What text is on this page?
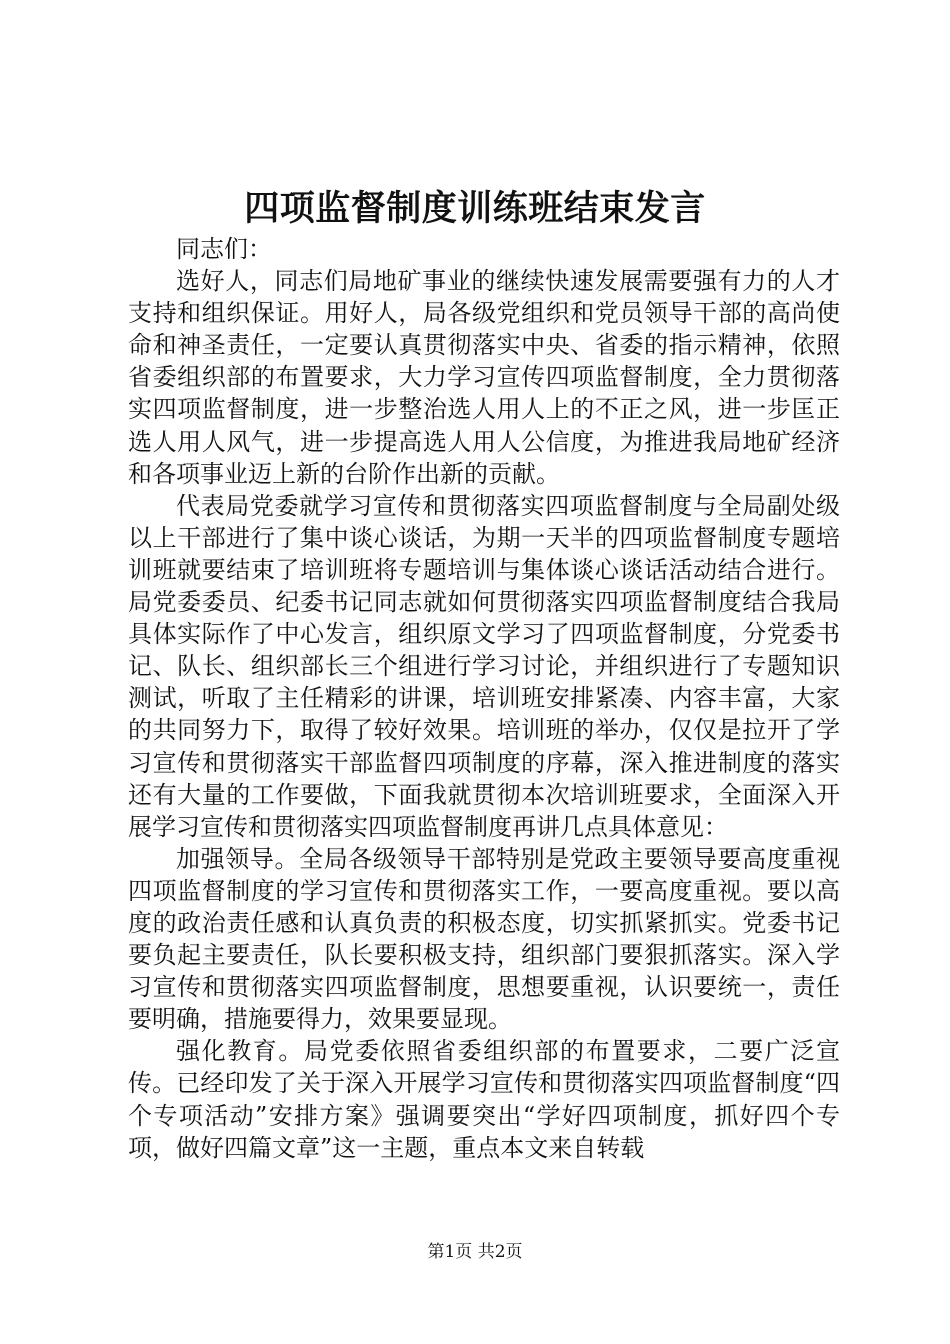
四项监督制度训练班结束发言

同志们：

选好人，同志们局地矿事业的继续快速发展需要强有力的人才支持和组织保证。用好人，局各级党组织和党员领导干部的高尚使命和神圣责任，一定要认真贯彻落实中央、省委的指示精神，依照省委组织部的布置要求，大力学习宣传四项监督制度，全力贯彻落实四项监督制度，进一步整治选人用人上的不正之风，进一步匡正选人用人风气，进一步提高选人用人公信度，为推进我局地矿经济和各项事业迈上新的台阶作出新的贡献。

代表局党委就学习宣传和贯彻落实四项监督制度与全局副处级以上干部进行了集中谈心谈话，为期一天半的四项监督制度专题培训班就要结束了培训班将专题培训与集体谈心谈话活动结合进行。局党委委员、纪委书记同志就如何贯彻落实四项监督制度结合我局具体实际作了中心发言，组织原文学习了四项监督制度，分党委书记、队长、组织部长三个组进行学习讨论，并组织进行了专题知识测试，听取了主任精彩的讲课，培训班安排紧凑、内容丰富，大家的共同努力下，取得了较好效果。培训班的举办，仅仅是拉开了学习宣传和贯彻落实干部监督四项制度的序幕，深入推进制度的落实还有大量的工作要做，下面我就贯彻本次培训班要求，全面深入开展学习宣传和贯彻落实四项监督制度再讲几点具体意见：

加强领导。全局各级领导干部特别是党政主要领导要高度重视四项监督制度的学习宣传和贯彻落实工作，一要高度重视。要以高度的政治责任感和认真负责的积极态度，切实抓紧抓实。党委书记要负起主要责任，队长要积极支持，组织部门要狠抓落实。深入学习宣传和贯彻落实四项监督制度，思想要重视，认识要统一，责任要明确，措施要得力，效果要显现。

强化教育。局党委依照省委组织部的布置要求，二要广泛宣传。已经印发了关于深入开展学习宣传和贯彻落实四项监督制度“四个专项活动”安排方案》强调要突出“学好四项制度，抓好四个专项，做好四篇文章”这一主题，重点本文来自转载

第1页 共2页
